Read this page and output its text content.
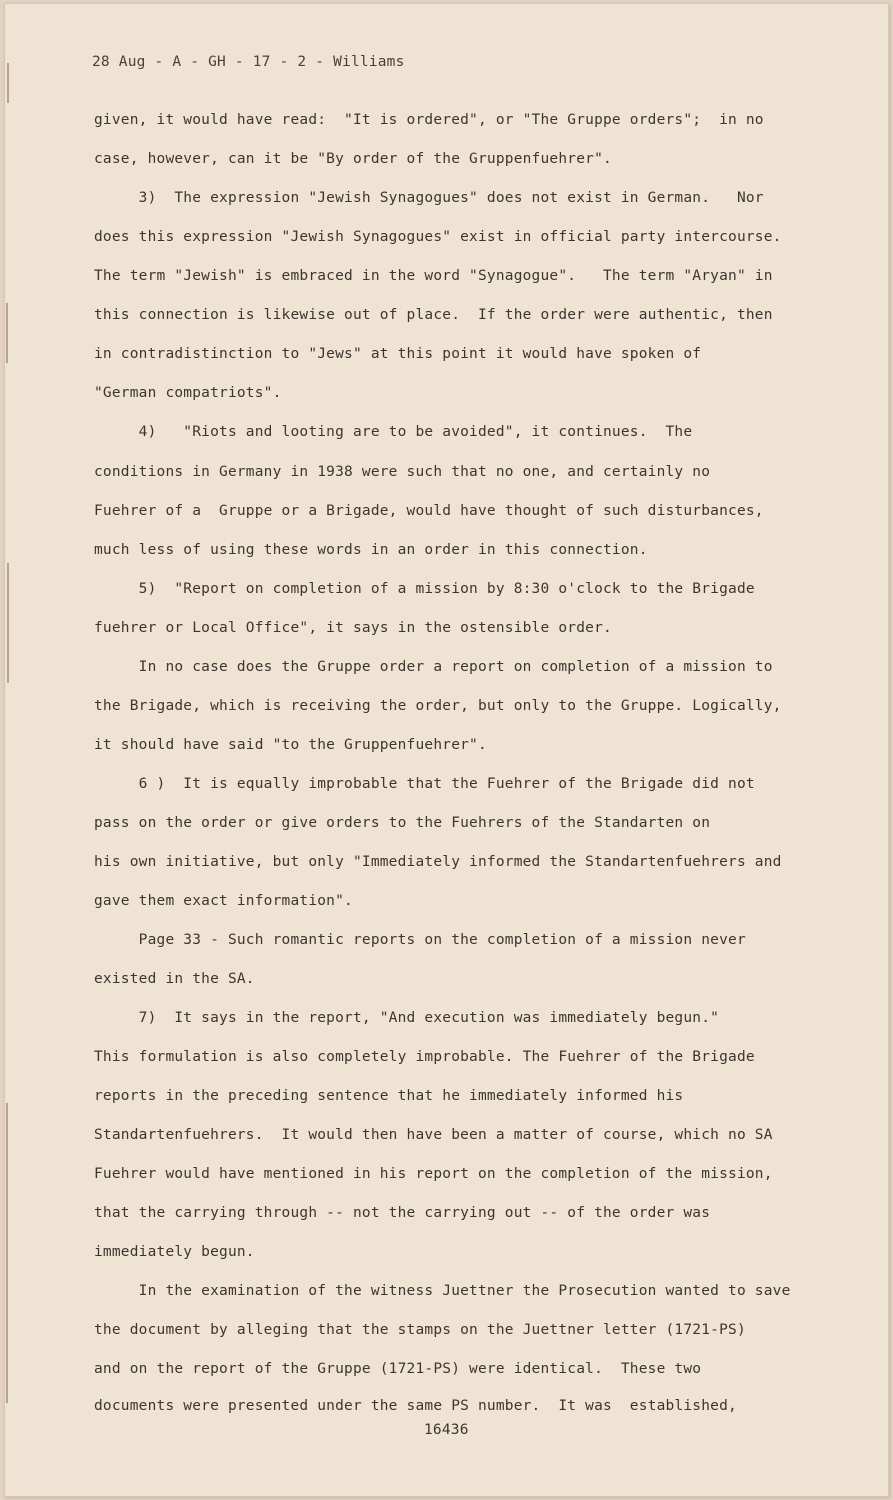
28 Aug - A - GH - 17 - 2 - Williams
given, it would have read:  "It is ordered", or "The Gruppe orders";  in no
case, however, can it be "By order of the Gruppenfuehrer".
3)  The expression "Jewish Synagogues" does not exist in German.   Nor
does this expression "Jewish Synagogues" exist in official party intercourse.
The term "Jewish" is embraced in the word "Synagogue".   The term "Aryan" in
this connection is likewise out of place.  If the order were authentic, then
in contradistinction to "Jews" at this point it would have spoken of
"German compatriots".
4)   "Riots and looting are to be avoided", it continues.  The
conditions in Germany in 1938 were such that no one, and certainly no
Fuehrer of a  Gruppe or a Brigade, would have thought of such disturbances,
much less of using these words in an order in this connection.
5)  "Report on completion of a mission by 8:30 o'clock to the Brigade
fuehrer or Local Office", it says in the ostensible order.
In no case does the Gruppe order a report on completion of a mission to
the Brigade, which is receiving the order, but only to the Gruppe. Logically,
it should have said "to the Gruppenfuehrer".
6 )  It is equally improbable that the Fuehrer of the Brigade did not
pass on the order or give orders to the Fuehrers of the Standarten on
his own initiative, but only "Immediately informed the Standartenfuehrers and
gave them exact information".
Page 33 - Such romantic reports on the completion of a mission never
existed in the SA.
7)  It says in the report, "And execution was immediately begun."
This formulation is also completely improbable. The Fuehrer of the Brigade
reports in the preceding sentence that he immediately informed his
Standartenfuehrers.  It would then have been a matter of course, which no SA
Fuehrer would have mentioned in his report on the completion of the mission,
that the carrying through -- not the carrying out -- of the order was
immediately begun.
In the examination of the witness Juettner the Prosecution wanted to save
the document by alleging that the stamps on the Juettner letter (1721-PS)
and on the report of the Gruppe (1721-PS) were identical.  These two
documents were presented under the same PS number.  It was  established,
16436
